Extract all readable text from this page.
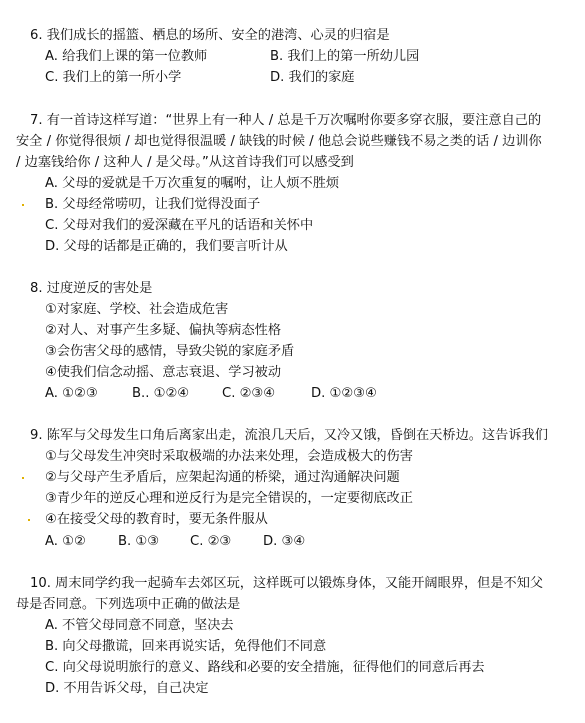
6. 我们成长的摇篮、栖息的场所、安全的港湾、心灵的归宿是
A. 给我们上课的第一位教师	B. 我们上的第一所幼儿园
C. 我们上的第一所小学	D. 我们的家庭
7. 有一首诗这样写道：“世界上有一种人 / 总是千万次嘱咐你要多穿衣服，要注意自己的
安全 / 你觉得很烦 / 却也觉得很温暖 / 缺钱的时候 / 他总会说些赚钱不易之类的话 / 边训你
/ 边塞钱给你 / 这种人 / 是父母。”从这首诗我们可以感受到
A. 父母的爱就是千万次重复的嘱咐，让人烦不胜烦
B. 父母经常唠叨，让我们觉得没面子
C. 父母对我们的爱深藏在平凡的话语和关怀中
D. 父母的话都是正确的，我们要言听计从
8. 过度逆反的害处是
①对家庭、学校、社会造成危害
②对人、对事产生多疑、偏执等病态性格
③会伤害父母的感情，导致尖锐的家庭矛盾
④使我们信念动摇、意志衰退、学习被动
A. ①②③	B.. ①②④ C. ②③④	D. ①②③④
9. 陈军与父母发生口角后离家出走，流浪几天后，又冷又饿，昏倒在天桥边。这告诉我们
①与父母发生冲突时采取极端的办法来处理，会造成极大的伤害
②与父母产生矛盾后，应架起沟通的桥梁，通过沟通解决问题
③青少年的逆反心理和逆反行为是完全错误的，一定要彻底改正
④在接受父母的教育时，要无条件服从
A. ①② B. ①③ C. ②③ D. ③④
10. 周末同学约我一起骑车去郊区玩，这样既可以锻炼身体，又能开阔眼界，但是不知父
母是否同意。下列选项中正确的做法是
A. 不管父母同意不同意，坚决去
B. 向父母撒谎，回来再说实话，免得他们不同意
C. 向父母说明旅行的意义、路线和必要的安全措施，征得他们的同意后再去
D. 不用告诉父母，自己决定
